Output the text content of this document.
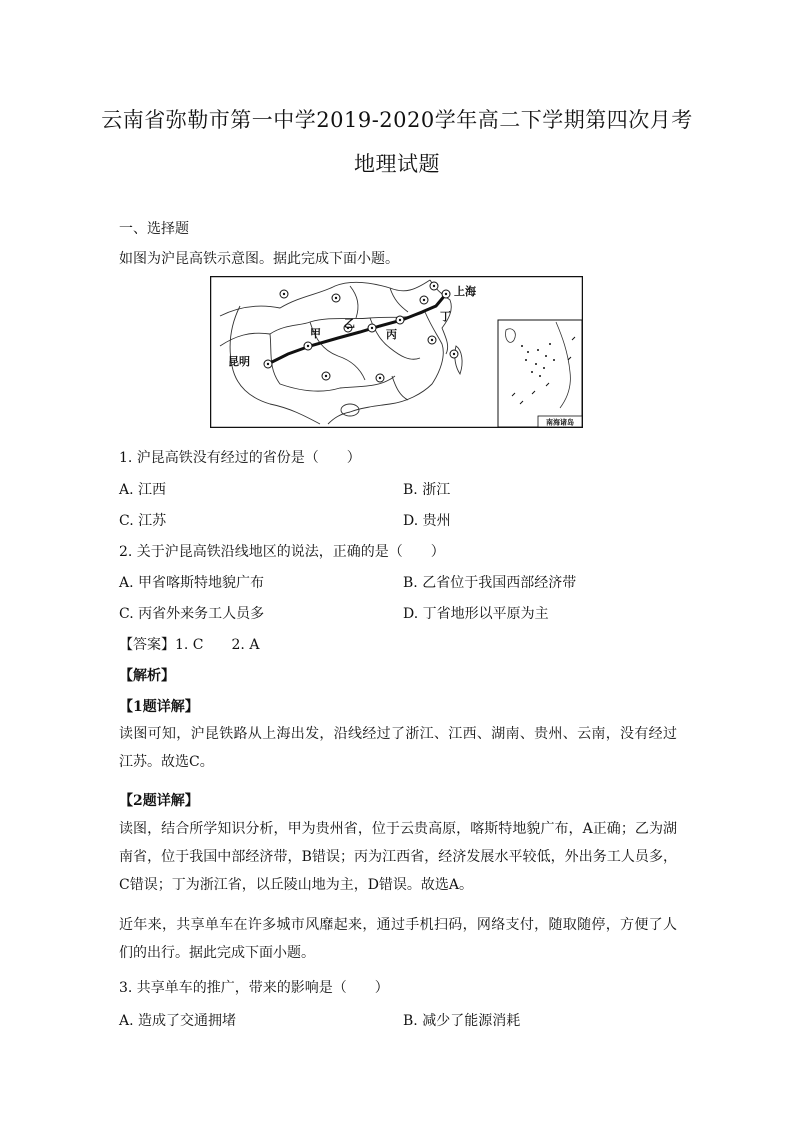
云南省弥勒市第一中学2019-2020学年高二下学期第四次月考
地理试题
一、选择题
如图为沪昆高铁示意图。据此完成下面小题。
上海
昆明
甲
乙
丙
丁
南海诸岛
1. 沪昆高铁没有经过的省份是（　　）
A. 江西	B. 浙江
C. 江苏	D. 贵州
2. 关于沪昆高铁沿线地区的说法，正确的是（　　）
A. 甲省喀斯特地貌广布	B. 乙省位于我国西部经济带
C. 丙省外来务工人员多	D. 丁省地形以平原为主
【答案】1. C　　2. A
【解析】
【1题详解】
读图可知，沪昆铁路从上海出发，沿线经过了浙江、江西、湖南、贵州、云南，没有经过江苏。故选C。
【2题详解】
读图，结合所学知识分析，甲为贵州省，位于云贵高原，喀斯特地貌广布，A正确；乙为湖南省，位于我国中部经济带，B错误；丙为江西省，经济发展水平较低，外出务工人员多，C错误；丁为浙江省，以丘陵山地为主，D错误。故选A。
近年来，共享单车在许多城市风靡起来，通过手机扫码，网络支付，随取随停，方便了人们的出行。据此完成下面小题。
3. 共享单车的推广，带来的影响是（　　）
A. 造成了交通拥堵	B. 减少了能源消耗
